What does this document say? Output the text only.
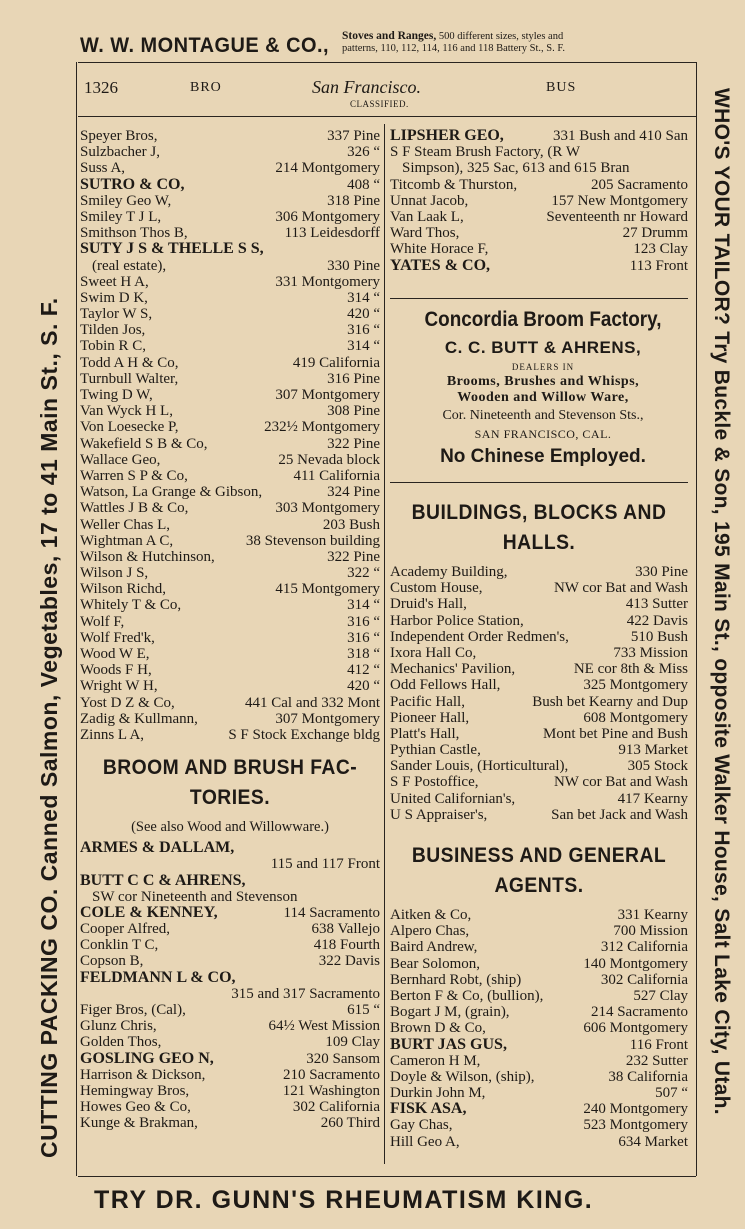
W. W. MONTAGUE & CO., Stoves and Ranges, 500 different sizes, styles and
patterns, 110, 112, 114, 116 and 118 Battery St., S. F.
1326	BRO	San Francisco.	BUS
CLASSIFIED.
CUTTING PACKING CO. Canned Salmon, Vegetables, 17 to 41 Main St., S. F.	WHO'S YOUR TAILOR? Try Buckle & Son, 195 Main St., opposite Walker House, Salt Lake City, Utah.
Speyer Bros,	337 Pine
Sulzbacher J,	326 “
Suss A,	214 Montgomery
SUTRO & CO,	408 “
Smiley Geo W,	318 Pine
Smiley T J L,	306 Montgomery
Smithson Thos B,	113 Leidesdorff
SUTY J S & THELLE S S,
(real estate),	330 Pine
Sweet H A,	331 Montgomery
Swim D K,	314 “
Taylor W S,	420 “
Tilden Jos,	316 “
Tobin R C,	314 “
Todd A H & Co,	419 California
Turnbull Walter,	316 Pine
Twing D W,	307 Montgomery
Van Wyck H L,	308 Pine
Von Loesecke P,	232½ Montgomery
Wakefield S B & Co,	322 Pine
Wallace Geo,	25 Nevada block
Warren S P & Co,	411 California
Watson, La Grange & Gibson,	324 Pine
Wattles J B & Co,	303 Montgomery
Weller Chas L,	203 Bush
Wightman A C,	38 Stevenson building
Wilson & Hutchinson,	322 Pine
Wilson J S,	322 “
Wilson Richd,	415 Montgomery
Whitely T & Co,	314 “
Wolf F,	316 “
Wolf Fred'k,	316 “
Wood W E,	318 “
Woods F H,	412 “
Wright W H,	420 “
Yost D Z & Co,	441 Cal and 332 Mont
Zadig & Kullmann,	307 Montgomery
Zinns L A,	S F Stock Exchange bldg
BROOM AND BRUSH FAC-
TORIES.
(See also Wood and Willowware.)
ARMES & DALLAM,
115 and 117 Front
BUTT C C & AHRENS,
SW cor Nineteenth and Stevenson
COLE & KENNEY,	114 Sacramento
Cooper Alfred,	638 Vallejo
Conklin T C,	418 Fourth
Copson B,	322 Davis
FELDMANN L & CO,
315 and 317 Sacramento
Figer Bros, (Cal),	615 “
Glunz Chris,	64½ West Mission
Golden Thos,	109 Clay
GOSLING GEO N,	320 Sansom
Harrison & Dickson,	210 Sacramento
Hemingway Bros,	121 Washington
Howes Geo & Co,	302 California
Kunge & Brakman,	260 Third
LIPSHER GEO,	331 Bush and 410 San
S F Steam Brush Factory, (R W
Simpson), 325 Sac, 613 and 615 Bran
Titcomb & Thurston,	205 Sacramento
Unnat Jacob,	157 New Montgomery
Van Laak L,	Seventeenth nr Howard
Ward Thos,	27 Drumm
White Horace F,	123 Clay
YATES & CO,	113 Front
Concordia Broom Factory,
C. C. BUTT & AHRENS,
DEALERS IN
Brooms, Brushes and Whisps,
Wooden and Willow Ware,
Cor. Nineteenth and Stevenson Sts.,
SAN FRANCISCO, CAL.
No Chinese Employed.
BUILDINGS, BLOCKS AND
HALLS.
Academy Building,	330 Pine
Custom House,	NW cor Bat and Wash
Druid's Hall,	413 Sutter
Harbor Police Station,	422 Davis
Independent Order Redmen's,	510 Bush
Ixora Hall Co,	733 Mission
Mechanics' Pavilion,	NE cor 8th & Miss
Odd Fellows Hall,	325 Montgomery
Pacific Hall,	Bush bet Kearny and Dup
Pioneer Hall,	608 Montgomery
Platt's Hall,	Mont bet Pine and Bush
Pythian Castle,	913 Market
Sander Louis, (Horticultural),	305 Stock
S F Postoffice,	NW cor Bat and Wash
United Californian's,	417 Kearny
U S Appraiser's,	San bet Jack and Wash
BUSINESS AND GENERAL
AGENTS.
Aitken & Co,	331 Kearny
Alpero Chas,	700 Mission
Baird Andrew,	312 California
Bear Solomon,	140 Montgomery
Bernhard Robt, (ship)	302 California
Berton F & Co, (bullion),	527 Clay
Bogart J M, (grain),	214 Sacramento
Brown D & Co,	606 Montgomery
BURT JAS GUS,	116 Front
Cameron H M,	232 Sutter
Doyle & Wilson, (ship),	38 California
Durkin John M,	507 “
FISK ASA,	240 Montgomery
Gay Chas,	523 Montgomery
Hill Geo A,	634 Market
TRY DR. GUNN'S RHEUMATISM KING.
